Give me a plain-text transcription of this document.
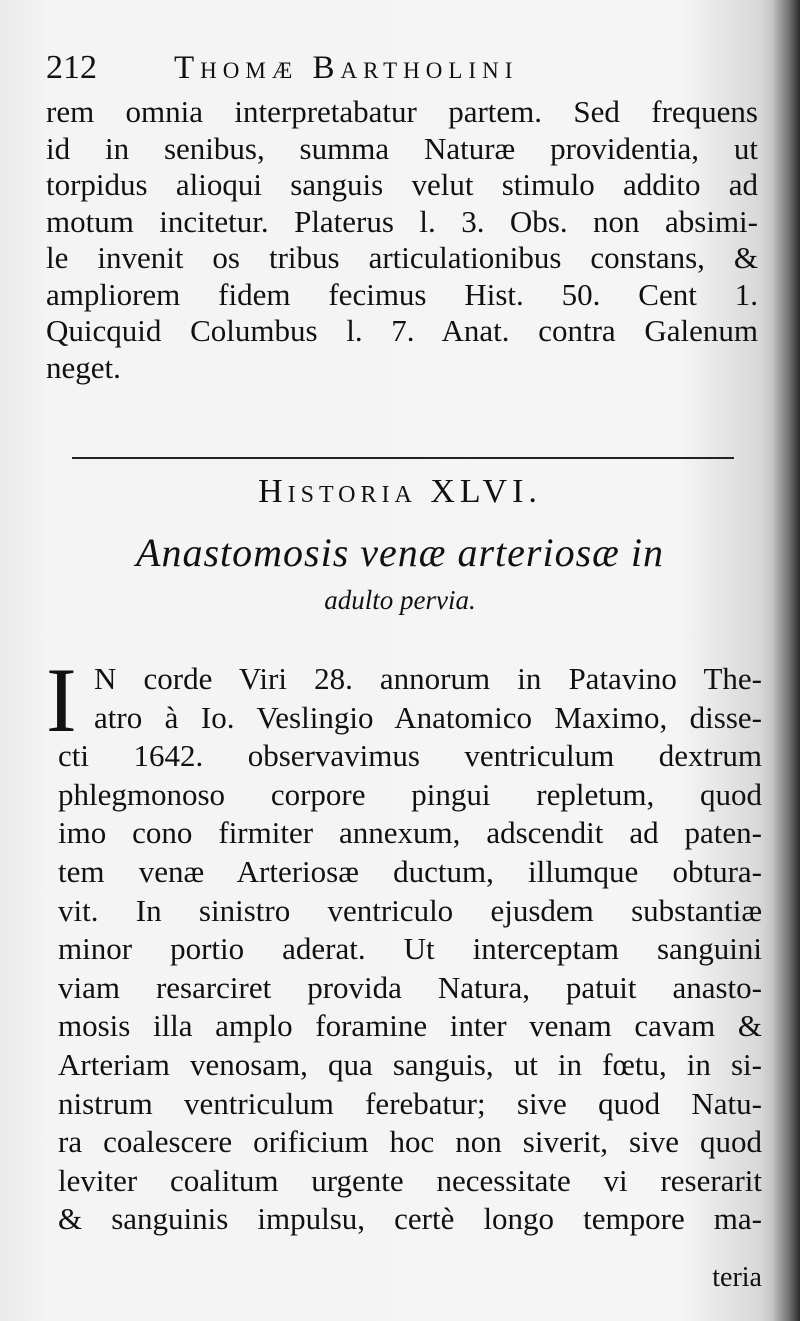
212 Thomæ Bartholini
rem omnia interpretabatur partem. Sed frequens
id in senibus, summa Naturæ providentia, ut
torpidus alioqui sanguis velut stimulo addito ad
motum incitetur. Platerus l. 3. Obs. non absimi-
le invenit os tribus articulationibus constans, &
ampliorem fidem fecimus Hist. 50. Cent 1.
Quicquid Columbus l. 7. Anat. contra Galenum
neget.
Historia XLVI.
Anastomosis venæ arteriosæ in
adulto pervia.
I N corde Viri 28. annorum in Patavino The-
atro à Io. Veslingio Anatomico Maximo, disse-
cti 1642. observavimus ventriculum dextrum
phlegmonoso corpore pingui repletum, quod
imo cono firmiter annexum, adscendit ad paten-
tem venæ Arteriosæ ductum, illumque obtura-
vit. In sinistro ventriculo ejusdem substantiæ
minor portio aderat. Ut interceptam sanguini
viam resarciret provida Natura, patuit anasto-
mosis illa amplo foramine inter venam cavam &
Arteriam venosam, qua sanguis, ut in fœtu, in si-
nistrum ventriculum ferebatur; sive quod Natu-
ra coalescere orificium hoc non siverit, sive quod
leviter coalitum urgente necessitate vi reserarit
& sanguinis impulsu, certè longo tempore ma-
teria
